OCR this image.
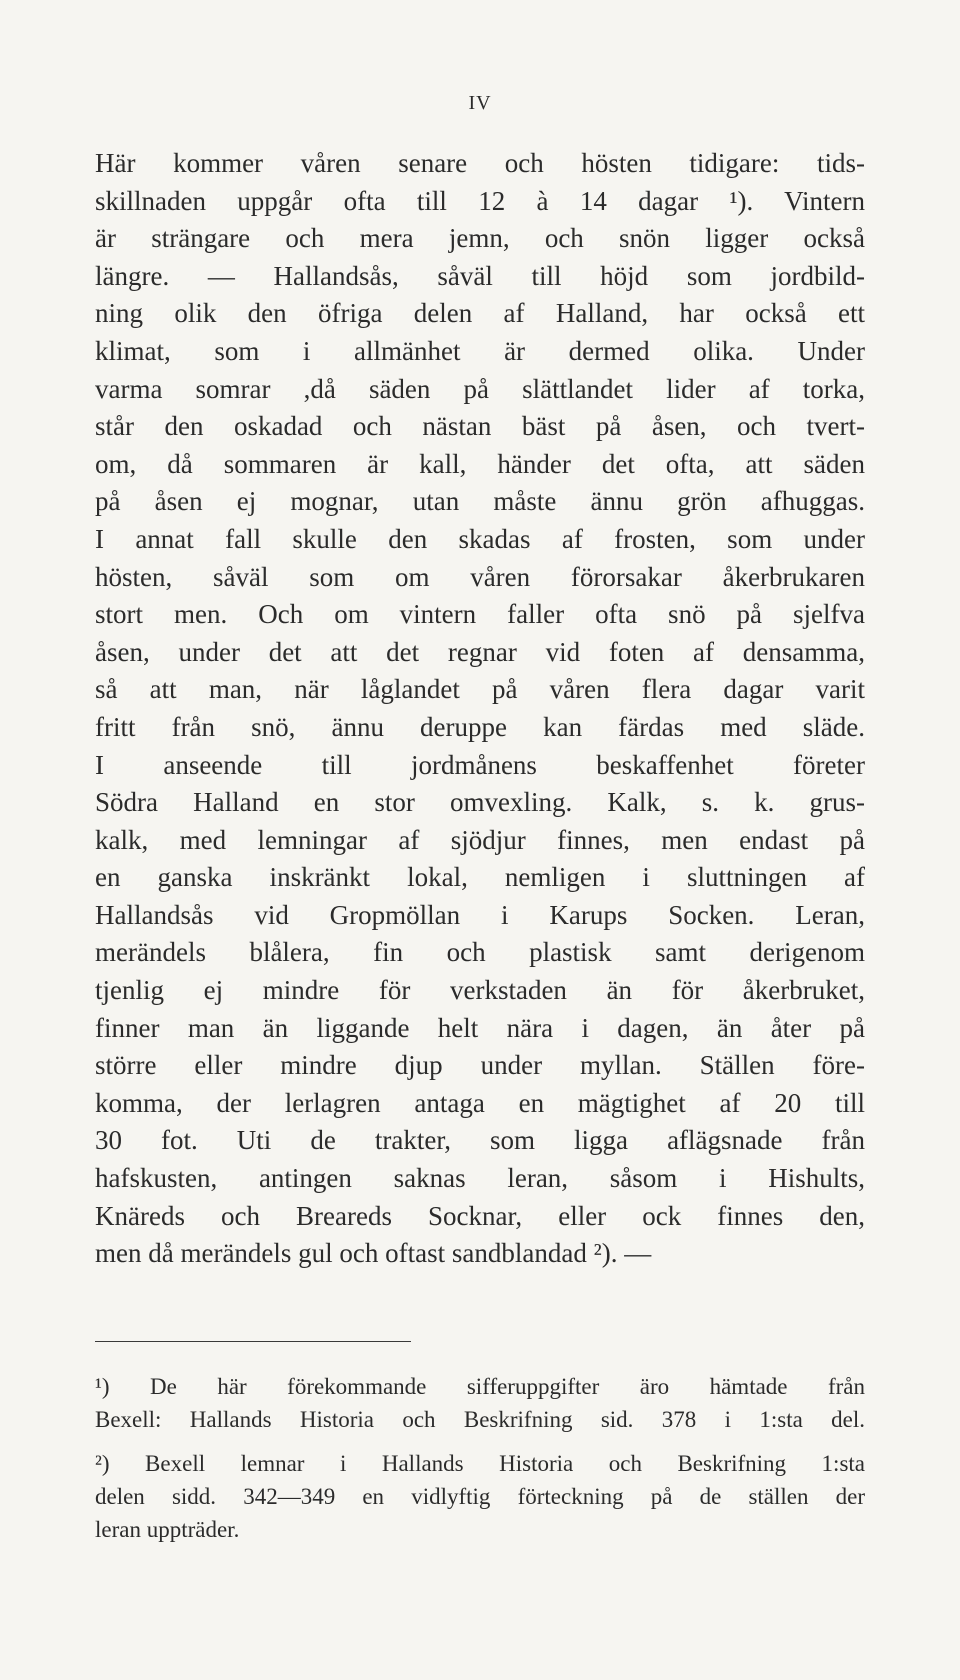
IV
Här kommer våren senare och hösten tidigare: tids-
skillnaden uppgår ofta till 12 à 14 dagar ¹). Vintern
är strängare och mera jemn, och snön ligger också
längre. — Hallandsås, såväl till höjd som jordbild-
ning olik den öfriga delen af Halland, har också ett
klimat, som i allmänhet är dermed olika. Under
varma somrar ,då säden på slättlandet lider af torka,
står den oskadad och nästan bäst på åsen, och tvert-
om, då sommaren är kall, händer det ofta, att säden
på åsen ej mognar, utan måste ännu grön afhuggas.
I annat fall skulle den skadas af frosten, som under
hösten, såväl som om våren förorsakar åkerbrukaren
stort men. Och om vintern faller ofta snö på sjelfva
åsen, under det att det regnar vid foten af densamma,
så att man, när låglandet på våren flera dagar varit
fritt från snö, ännu deruppe kan färdas med släde.
I anseende till jordmånens beskaffenhet företer
Södra Halland en stor omvexling. Kalk, s. k. grus-
kalk, med lemningar af sjödjur finnes, men endast på
en ganska inskränkt lokal, nemligen i sluttningen af
Hallandsås vid Gropmöllan i Karups Socken. Leran,
merändels blålera, fin och plastisk samt derigenom
tjenlig ej mindre för verkstaden än för åkerbruket,
finner man än liggande helt nära i dagen, än åter på
större eller mindre djup under myllan. Ställen före-
komma, der lerlagren antaga en mägtighet af 20 till
30 fot. Uti de trakter, som ligga aflägsnade från
hafskusten, antingen saknas leran, såsom i Hishults,
Knäreds och Breareds Socknar, eller ock finnes den,
men då merändels gul och oftast sandblandad ²). —
¹) De här förekommande sifferuppgifter äro hämtade från
Bexell: Hallands Historia och Beskrifning sid. 378 i 1:sta del.
²) Bexell lemnar i Hallands Historia och Beskrifning 1:sta
delen sidd. 342—349 en vidlyftig förteckning på de ställen der
leran uppträder.
